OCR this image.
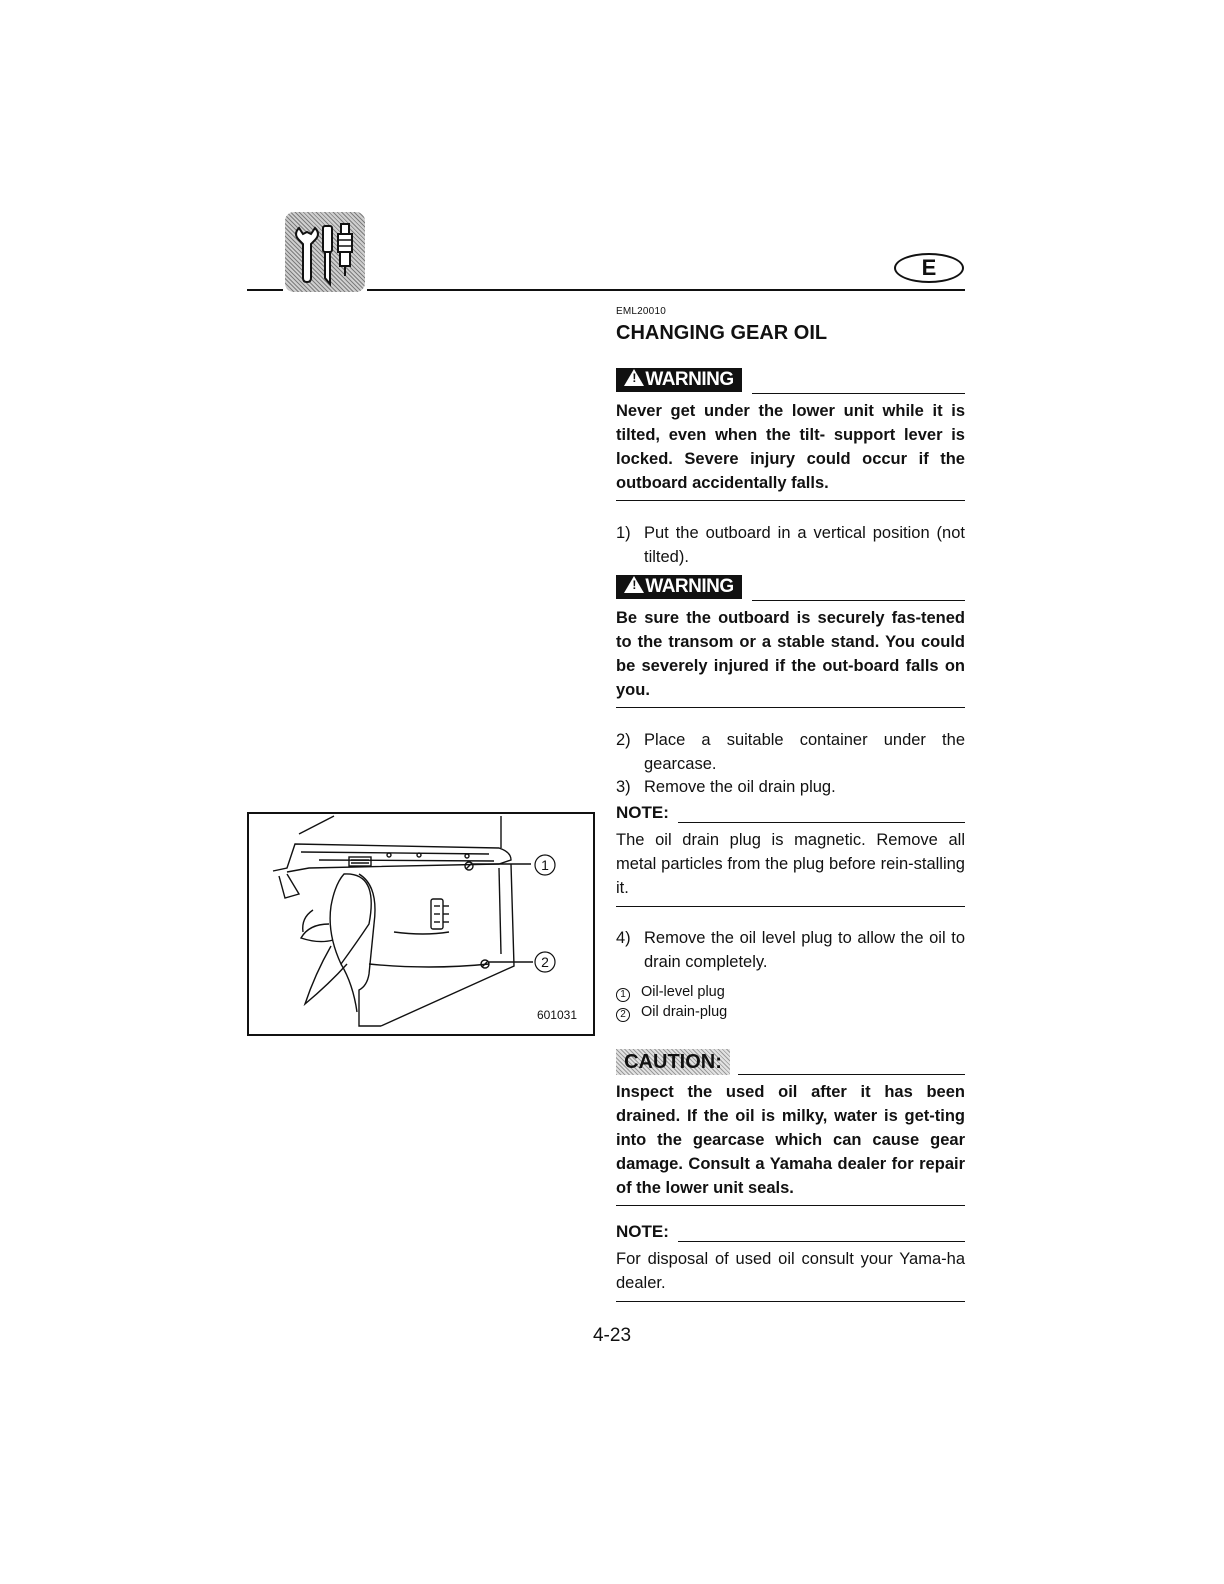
E
EML20010
CHANGING GEAR OIL
!WARNING
Never get under the lower unit while it is tilted, even when the tilt- support lever is locked. Severe injury could occur if the outboard accidentally falls.
1) Put the outboard in a vertical position (not tilted).
!WARNING
Be sure the outboard is securely fas-tened to the transom or a stable stand. You could be severely injured if the out-board falls on you.
2) Place a suitable container under the gearcase.
3) Remove the oil drain plug.
NOTE:
The oil drain plug is magnetic. Remove all metal particles from the plug before rein-stalling it.
4) Remove the oil level plug to allow the oil to drain completely.
1 Oil-level plug
2 Oil drain-plug
CAUTION:
Inspect the used oil after it has been drained. If the oil is milky, water is get-ting into the gearcase which can cause gear damage. Consult a Yamaha dealer for repair of the lower unit seals.
NOTE:
For disposal of used oil consult your Yama-ha dealer.
1
2
601031
4-23
